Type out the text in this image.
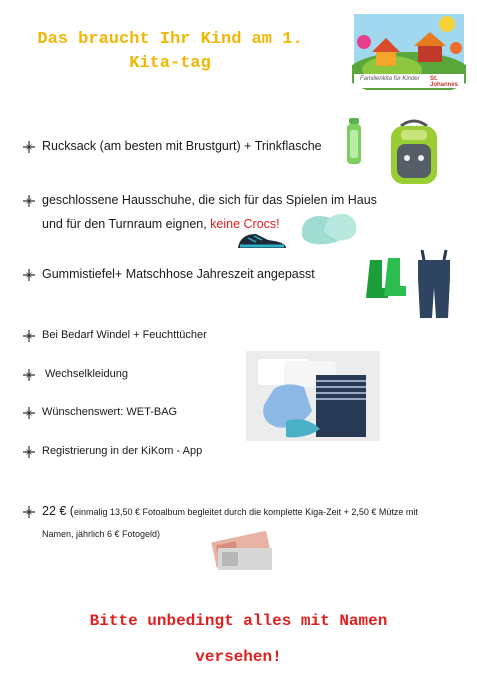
Das braucht Ihr Kind am 1.
Kita-tag
Familienkita für Kinder St. Johannes
Rucksack (am besten mit Brustgurt) + Trinkflasche
geschlossene Hausschuhe, die sich für das Spielen im Haus
und für den Turnraum eignen, keine Crocs!
Gummistiefel+ Matschhose Jahreszeit angepasst
Bei Bedarf Windel + Feuchttücher
Wechselkleidung
Wünschenswert: WET-BAG
Registrierung in der KiKom - App
22 € (einmalig 13,50 € Fotoalbum begleitet durch die komplette Kiga-Zeit + 2,50 € Mütze mit
Namen, jährlich 6 € Fotogeld)
Bitte unbedingt alles mit Namen
versehen!
